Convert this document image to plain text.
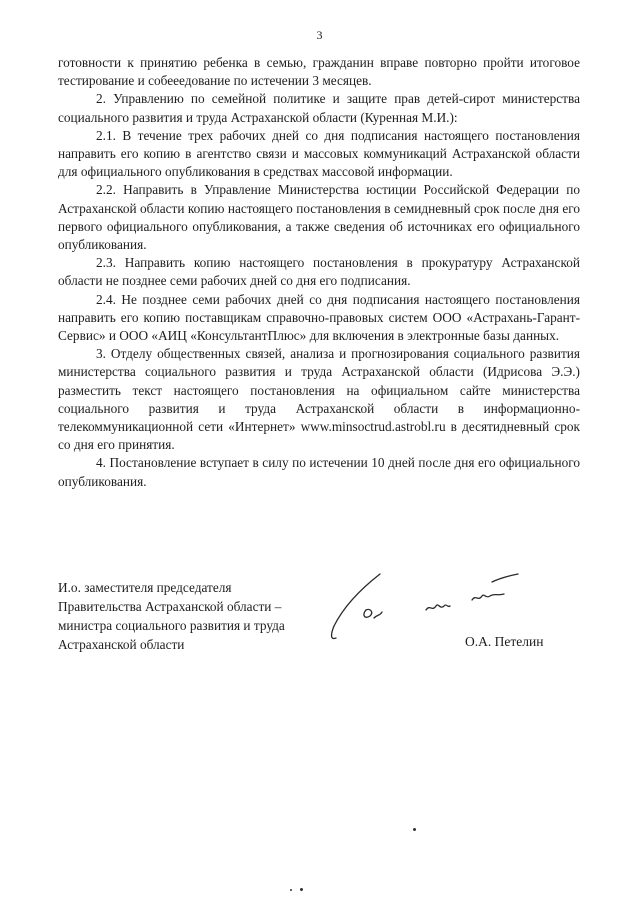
3

готовности к принятию ребенка в семью, гражданин вправе повторно пройти итоговое тестирование и собееедование по истечении 3 месяцев.

2. Управлению по семейной политике и защите прав детей-сирот министерства социального развития и труда Астраханской области (Куренная М.И.):

2.1. В течение трех рабочих дней со дня подписания настоящего постановления направить его копию в агентство связи и массовых коммуникаций Астраханской области для официального опубликования в средствах массовой информации.

2.2. Направить в Управление Министерства юстиции Российской Федерации по Астраханской области копию настоящего постановления в семидневный срок после дня его первого официального опубликования, а также сведения об источниках его официального опубликования.

2.3. Направить копию настоящего постановления в прокуратуру Астраханской области не позднее семи рабочих дней со дня его подписания.

2.4. Не позднее семи рабочих дней со дня подписания настоящего постановления направить его копию поставщикам справочно-правовых систем ООО «Астрахань-Гарант-Сервис» и ООО «АИЦ «КонсультантПлюс» для включения в электронные базы данных.

3. Отделу общественных связей, анализа и прогнозирования социального развития министерства социального развития и труда Астраханской области (Идрисова Э.Э.) разместить текст настоящего постановления на официальном сайте министерства социального развития и труда Астраханской области в информационно-телекоммуникационной сети «Интернет» www.minsoctrud.astrobl.ru в десятидневный срок со дня его принятия.

4. Постановление вступает в силу по истечении 10 дней после дня его официального опубликования.

И.о. заместителя председателя
Правительства Астраханской области –
министра социального развития и труда
Астраханской области	О.А. Петелин
